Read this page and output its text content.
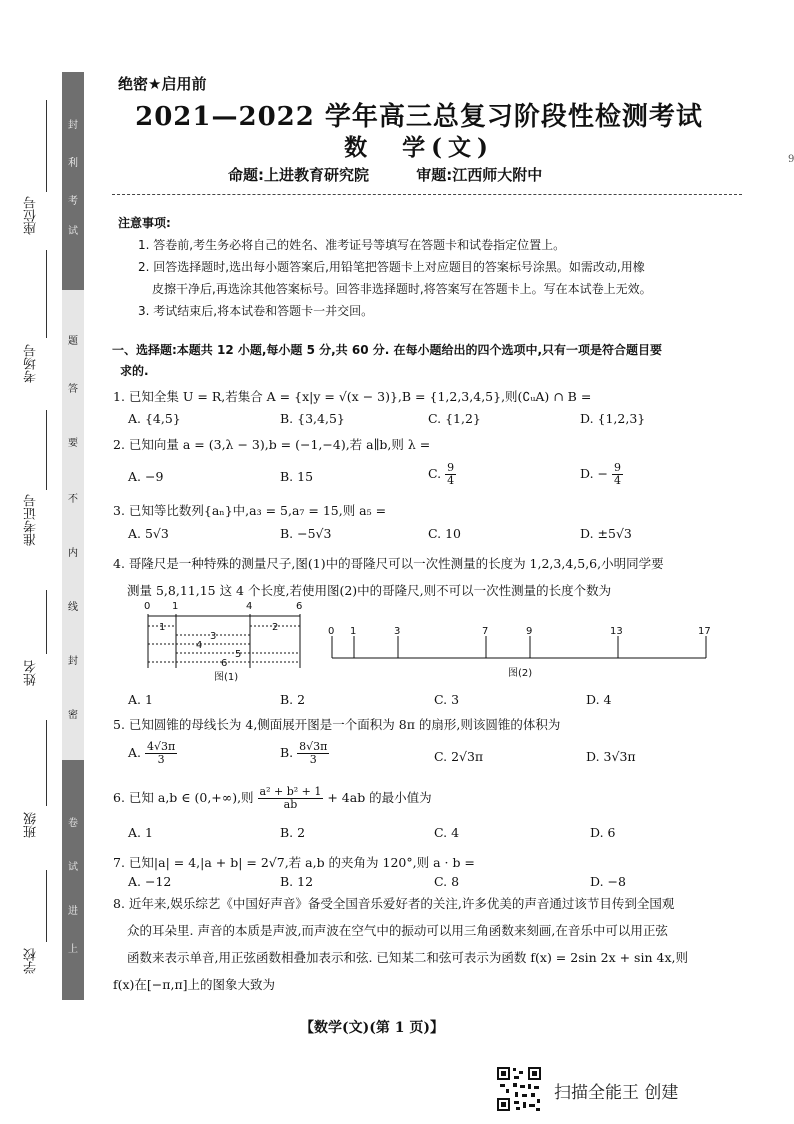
封
利
考
试
题
答
要
不
内
线
封
密
卷
试
进
上
座位号
考场号
准考证号
姓名
班级
学校
绝密★启用前
2021—2022 学年高三总复习阶段性检测考试
数　学(文)
命题:上进教育研究院	审题:江西师大附中
注意事项:
1. 答卷前,考生务必将自己的姓名、准考证号等填写在答题卡和试卷指定位置上。
2. 回答选择题时,选出每小题答案后,用铅笔把答题卡上对应题目的答案标号涂黑。如需改动,用橡
皮擦干净后,再选涂其他答案标号。回答非选择题时,将答案写在答题卡上。写在本试卷上无效。
3. 考试结束后,将本试卷和答题卡一并交回。
一、选择题:本题共 12 小题,每小题 5 分,共 60 分. 在每小题给出的四个选项中,只有一项是符合题目要
求的.
1. 已知全集 U = R,若集合 A = {x|y = √(x − 3)},B = {1,2,3,4,5},则(∁ᵤA) ∩ B =
A. {4,5}	B. {3,4,5}	C. {1,2}	D. {1,2,3}
2. 已知向量 a = (3,λ − 3),b = (−1,−4),若 a∥b,则 λ =
A. −9	B. 15	C. $\frac{9}{4}$	D. − $\frac{9}{4}$
3. 已知等比数列{aₙ}中,a₃ = 5,a₇ = 15,则 a₅ =
A. 5√3	B. −5√3	C. 10	D. ±5√3
4. 哥隆尺是一种特殊的测量尺子,图(1)中的哥隆尺可以一次性测量的长度为 1,2,3,4,5,6,小明同学要
测量 5,8,11,15 这 4 个长度,若使用图(2)中的哥隆尺,则不可以一次性测量的长度个数为
0 1	4	6
1
3
2
4
5
6
图(1)
0 1	3	7	9	13	17
图(2)
A. 1	B. 2	C. 3	D. 4
5. 已知圆锥的母线长为 4,侧面展开图是一个面积为 8π 的扇形,则该圆锥的体积为
A. $\frac{4√3\pi}{3}$	B. $\frac{8√3\pi}{3}$	C. 2√3π	D. 3√3π
6. 已知 a,b ∈ (0,+∞),则 $\frac{\text{a² + b² + 1}}{ab} + 4ab$ 的最小值为
A. 1	B. 2	C. 4	D. 6
7. 已知|a| = 4,|a + b| = 2√7,若 a,b 的夹角为 120°,则 a · b =
A. −12	B. 12	C. 8	D. −8
8. 近年来,娱乐综艺《中国好声音》备受全国音乐爱好者的关注,许多优美的声音通过该节目传到全国观
众的耳朵里. 声音的本质是声波,而声波在空气中的振动可以用三角函数来刻画,在音乐中可以用正弦
函数来表示单音,用正弦函数相叠加表示和弦. 已知某二和弦可表示为函数 f(x) = 2sin 2x + sin 4x,则
f(x)在[−π,π]上的图象大致为
【数学(文)(第 1 页)】
扫描全能王 创建
9
